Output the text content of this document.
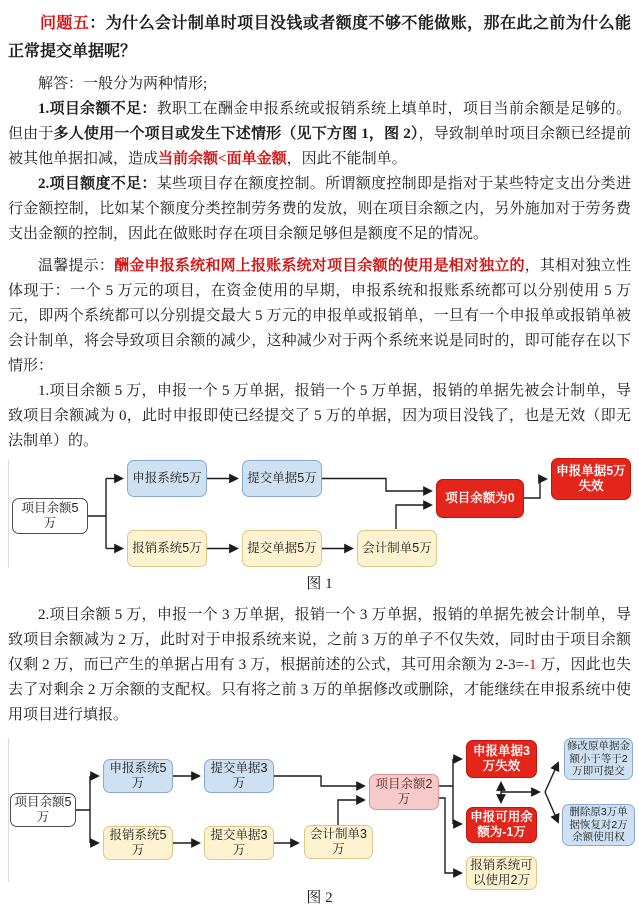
问题五：为什么会计制单时项目没钱或者额度不够不能做账，那在此之前为什么能正常提交单据呢？

解答：一般分为两种情形;

1.项目余额不足：教职工在酬金申报系统或报销系统上填单时，项目当前余额是足够的。但由于多人使用一个项目或发生下述情形（见下方图 1，图 2），导致制单时项目余额已经提前被其他单据扣减，造成当前余额<面单金额，因此不能制单。

2.项目额度不足：某些项目存在额度控制。所谓额度控制即是指对于某些特定支出分类进行金额控制，比如某个额度分类控制劳务费的发放，则在项目余额之内，另外施加对于劳务费支出金额的控制，因此在做账时存在项目余额足够但是额度不足的情况。

温馨提示：酬金申报系统和网上报账系统对项目余额的使用是相对独立的，其相对独立性体现于：一个 5 万元的项目，在资金使用的早期，申报系统和报账系统都可以分别使用 5 万元，即两个系统都可以分别提交最大 5 万元的申报单或报销单，一旦有一个申报单或报销单被会计制单，将会导致项目余额的减少，这种减少对于两个系统来说是同时的，即可能存在以下情形：

1.项目余额 5 万，申报一个 5 万单据，报销一个 5 万单据，报销的单据先被会计制单，导致项目余额减为 0，此时申报即使已经提交了 5 万的单据，因为项目没钱了，也是无效（即无法制单）的。

项目余额5万
申报系统5万	提交单据5万
报销系统5万	提交单据5万	会计制单5万
项目余额为0
申报单据5万失效

图 1

2.项目余额 5 万，申报一个 3 万单据，报销一个 3 万单据，报销的单据先被会计制单，导致项目余额减为 2 万，此时对于申报系统来说，之前 3 万的单子不仅失效，同时由于项目余额仅剩 2 万，而已产生的单据占用有 3 万，根据前述的公式，其可用余额为 2-3=-1 万，因此也失去了对剩余 2 万余额的支配权。只有将之前 3 万的单据修改或删除，才能继续在申报系统中使用项目进行填报。

项目余额5万
申报系统5万
提交单据3万
报销系统5万
提交单据3万
会计制单3万
项目余额2万
申报单据3万失效
申报可用余额为-1万
报销系统可以使用2万
修改原单据金额小于等于2万即可提交
删除原3万单据恢复对2万余额使用权

图 2
